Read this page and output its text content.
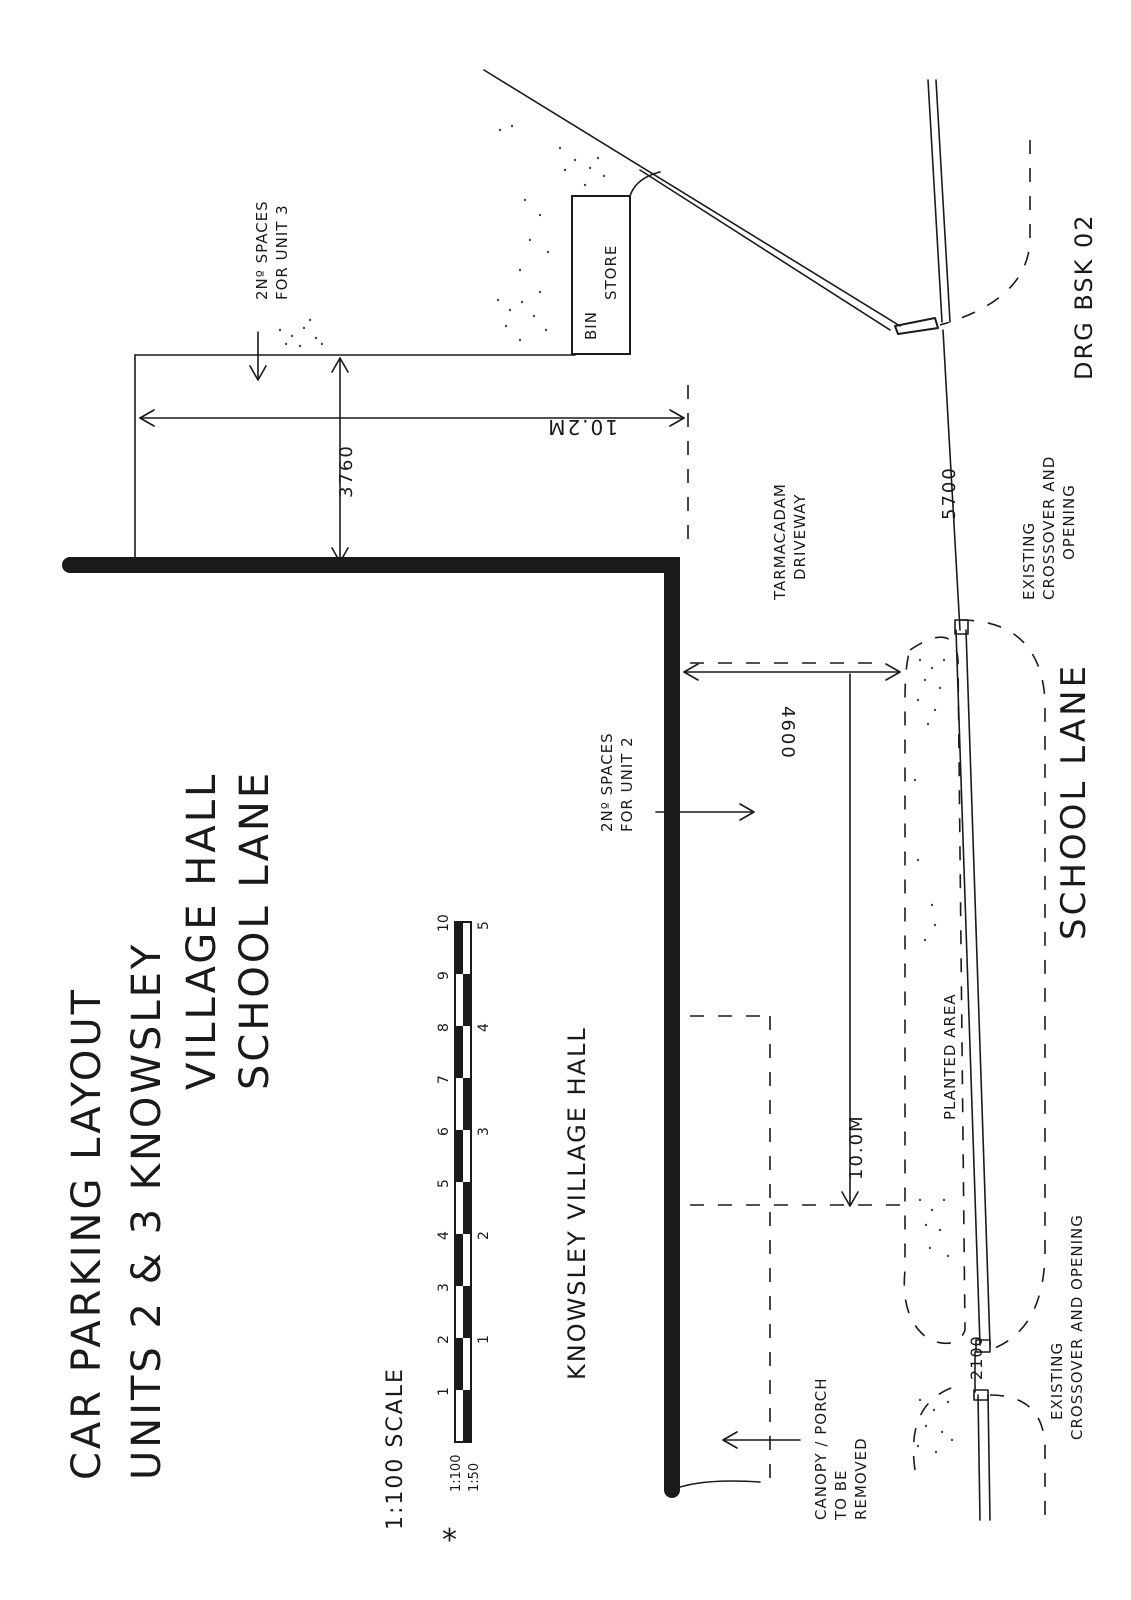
CAR PARKING LAYOUT UNITS 2 & 3 KNOWSLEY
VILLAGE HALL SCHOOL LANE
1:100 SCALE 1
2
3
4
5
6
7
8
9
10
1
2
3
4
5
1:100 1:50
*
KNOWSLEY VILLAGE HALL
3760
10.2M
2Nº SPACES FOR UNIT 3
BIN
STORE
EXISTING CROSSOVER AND OPENING
EXISTING CROSSOVER AND OPENING
DRG BSK 02
SCHOOL LANE
TARMACADAM DRIVEWAY
5700
4600
10.0M
2Nº SPACES FOR UNIT 2
PLANTED AREA
2100
CANOPY / PORCH TO BE REMOVED
